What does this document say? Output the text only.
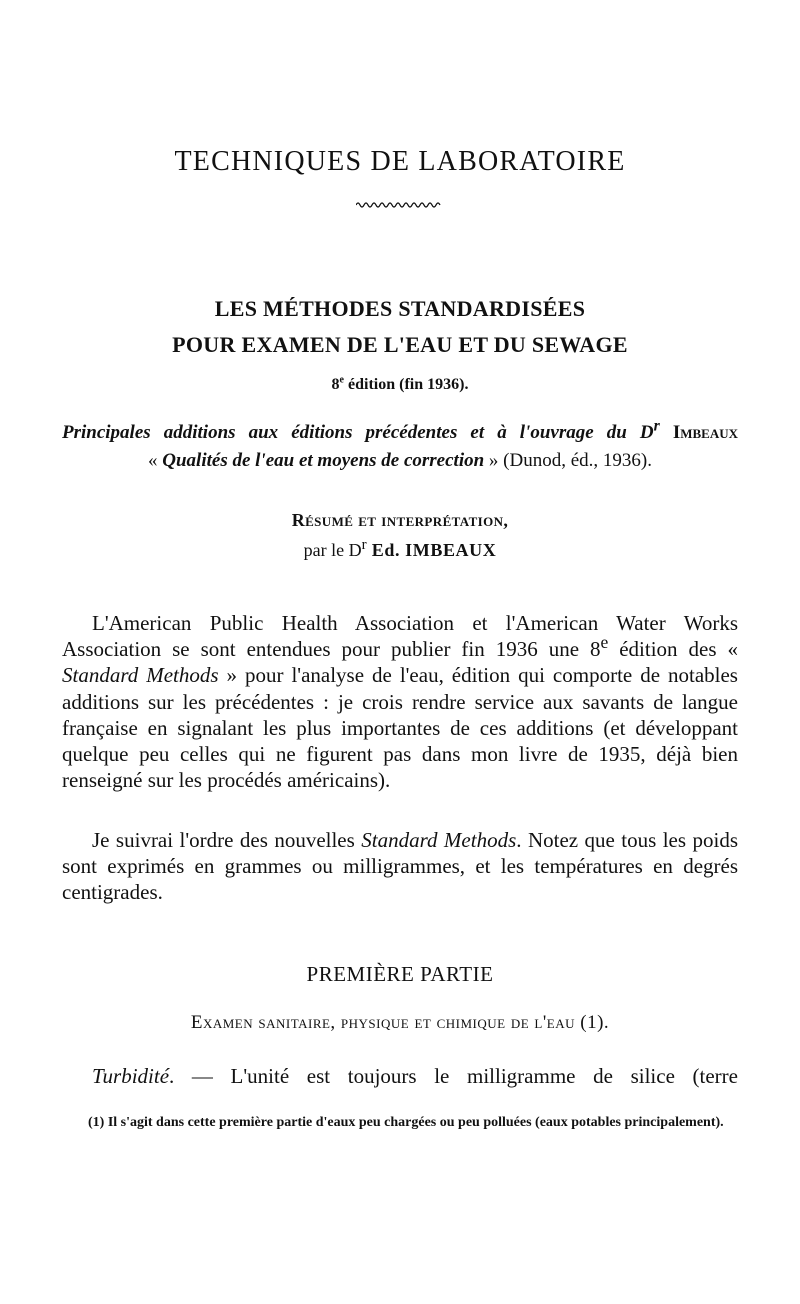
TECHNIQUES DE LABORATOIRE
LES MÉTHODES STANDARDISÉES
POUR EXAMEN DE L'EAU ET DU SEWAGE
8e édition (fin 1936).
Principales additions aux éditions précédentes et à l'ouvrage du $D^r$ Imbeaux
« Qualités de l'eau et moyens de correction » (Dunod, éd., 1936).
Résumé et interprétation,
par le $D^r$ Ed. IMBEAUX
L'American Public Health Association et l'American Water Works Association se sont entendues pour publier fin 1936 une 8e édition des « Standard Methods » pour l'analyse de l'eau, édition qui comporte de notables additions sur les précédentes : je crois rendre service aux savants de langue française en signalant les plus importantes de ces additions (et développant quelque peu celles qui ne figurent pas dans mon livre de 1935, déjà bien renseigné sur les procédés américains).
Je suivrai l'ordre des nouvelles Standard Methods. Notez que tous les poids sont exprimés en grammes ou milligrammes, et les températures en degrés centigrades.
PREMIÈRE PARTIE
Examen sanitaire, physique et chimique de l'eau (1).
Turbidité. — L'unité est toujours le milligramme de silice (terre
(1) Il s'agit dans cette première partie d'eaux peu chargées ou peu polluées (eaux potables principalement).
